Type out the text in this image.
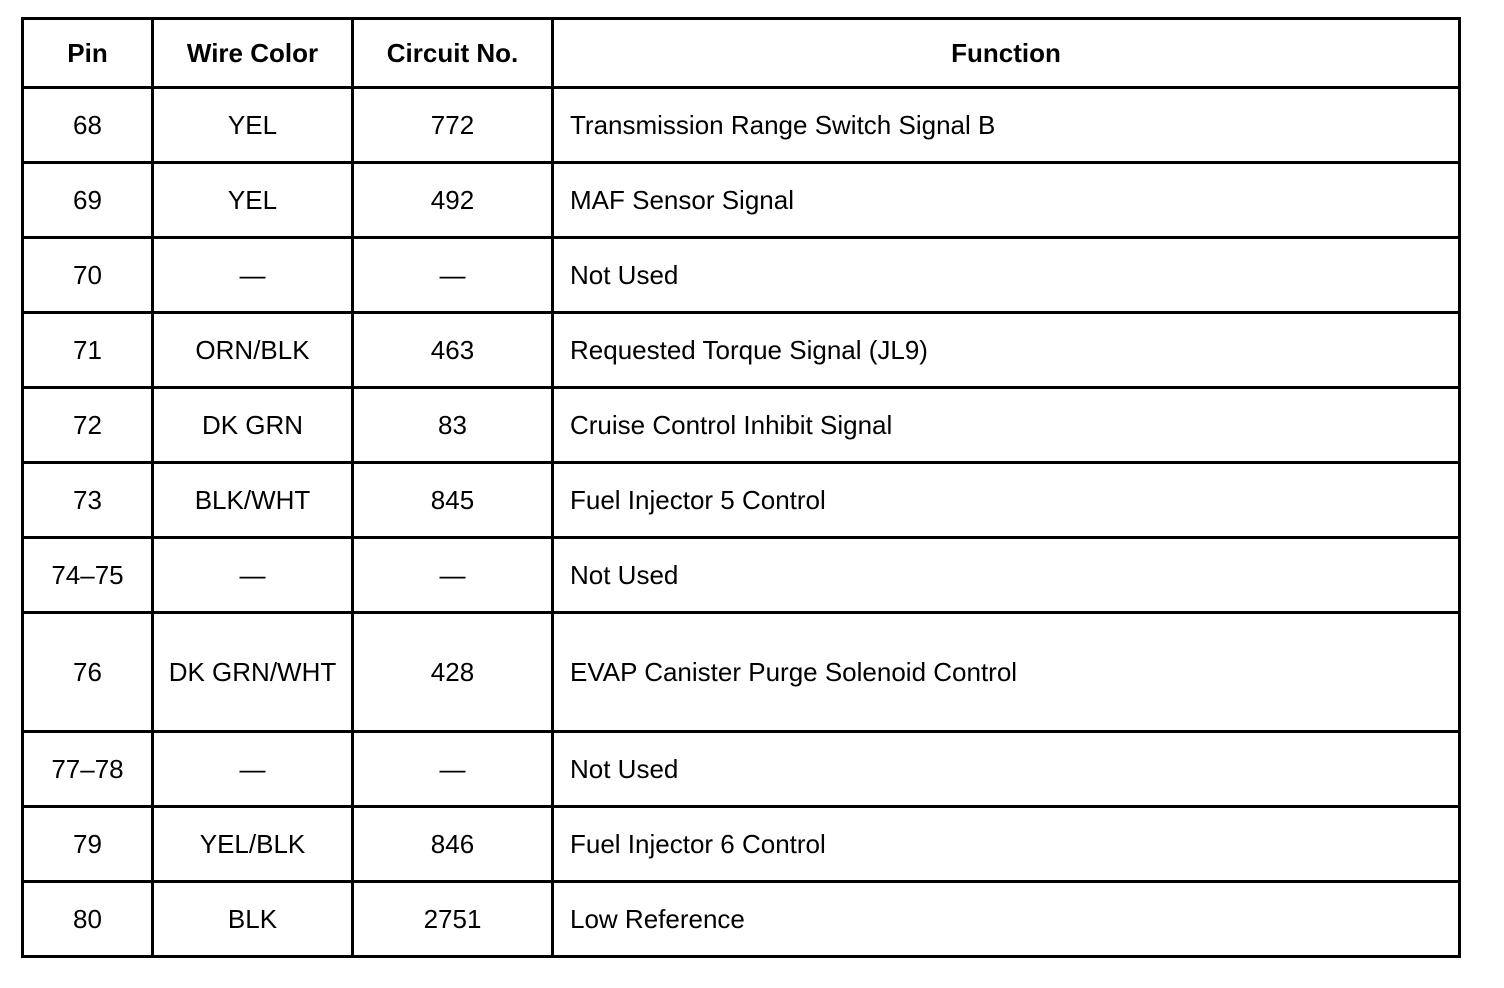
Pin	Wire Color	Circuit No.	Function
68	YEL	772	Transmission Range Switch Signal B
69	YEL	492	MAF Sensor Signal
70	—	—	Not Used
71	ORN/BLK	463	Requested Torque Signal (JL9)
72	DK GRN	83	Cruise Control Inhibit Signal
73	BLK/WHT	845	Fuel Injector 5 Control
74–75	—	—	Not Used
76	DK GRN/WHT	428	EVAP Canister Purge Solenoid Control
77–78	—	—	Not Used
79	YEL/BLK	846	Fuel Injector 6 Control
80	BLK	2751	Low Reference
